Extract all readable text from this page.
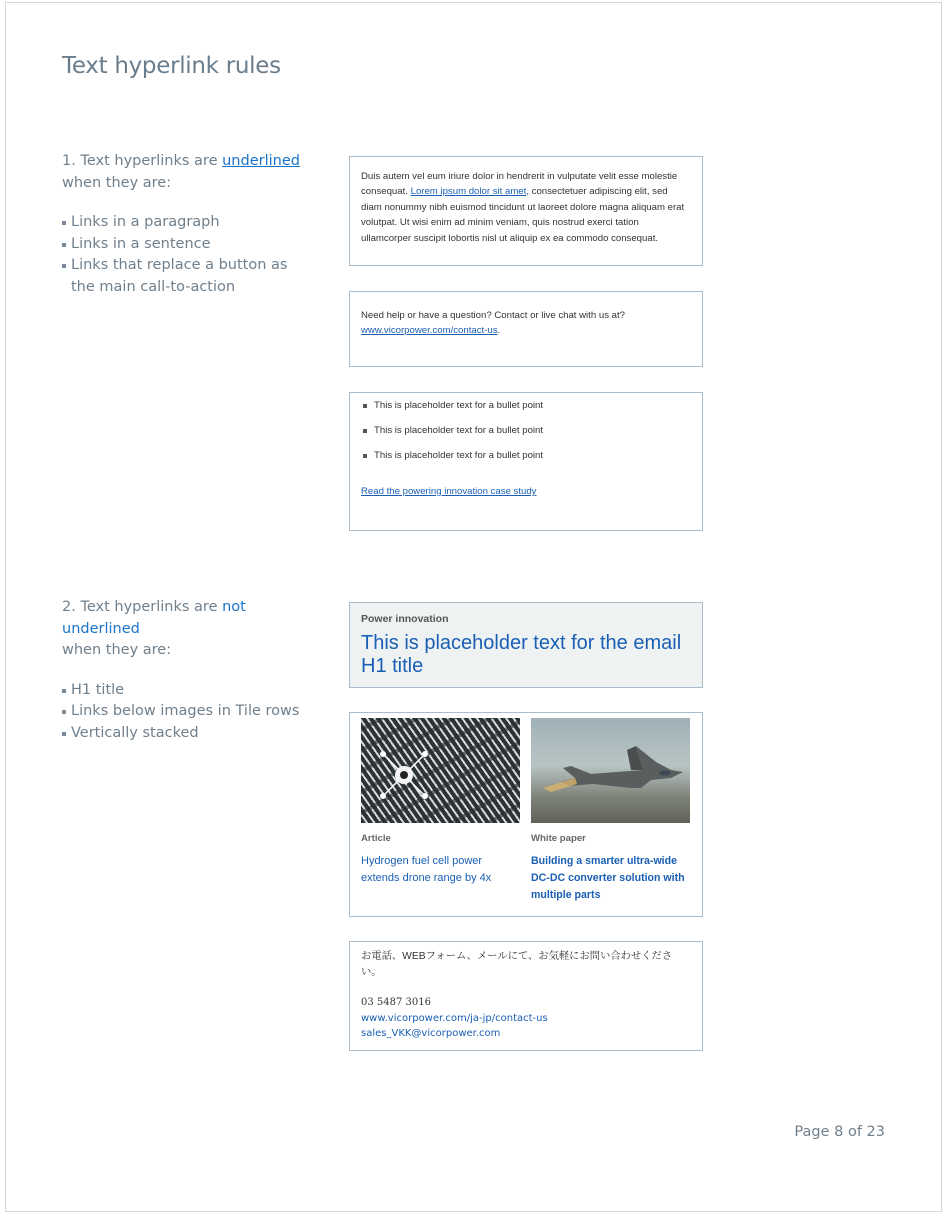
Text hyperlink rules
1. Text hyperlinks are underlined
when they are:
Links in a paragraph
Links in a sentence
Links that replace a button as the main call-to-action
2. Text hyperlinks are not underlined
when they are:
H1 title
Links below images in Tile rows
Vertically stacked
Duis autem vel eum iriure dolor in hendrerit in vulputate velit esse molestie consequat. Lorem ipsum dolor sit amet, consectetuer adipiscing elit, sed diam nonummy nibh euismod tincidunt ut laoreet dolore magna aliquam erat volutpat. Ut wisi enim ad minim veniam, quis nostrud exerci tation ullamcorper suscipit lobortis nisl ut aliquip ex ea commodo consequat.
Need help or have a question? Contact or live chat with us at?
www.vicorpower.com/contact-us.
This is placeholder text for a bullet point
This is placeholder text for a bullet point
This is placeholder text for a bullet point
Read the powering innovation case study
Power innovation
This is placeholder text for the email H1 title
Article
Hydrogen fuel cell power extends drone range by 4x
White paper
Building a smarter ultra-wide DC-DC converter solution with multiple parts

お電話、WEBフォーム、メールにて、お気軽にお問い合わせください。
03 5487 3016
www.vicorpower.com/ja-jp/contact-us
sales_VKK@vicorpower.com
Page 8 of 23
